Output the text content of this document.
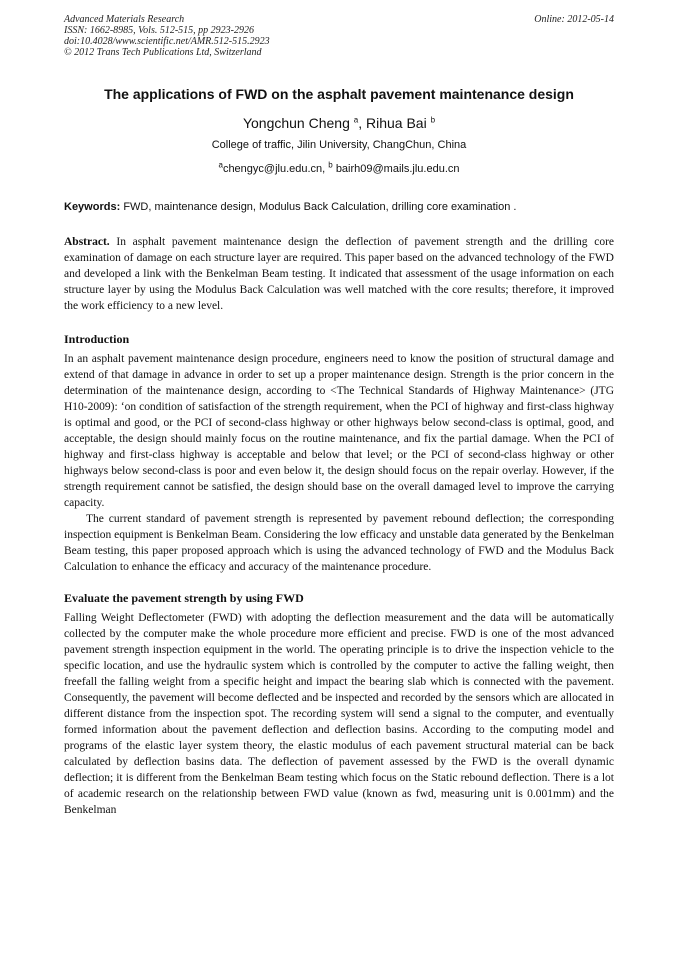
Advanced Materials Research
ISSN: 1662-8985, Vols. 512-515, pp 2923-2926
doi:10.4028/www.scientific.net/AMR.512-515.2923
© 2012 Trans Tech Publications Ltd, Switzerland
Online: 2012-05-14
The applications of FWD on the asphalt pavement maintenance design
Yongchun Cheng $^a$, Rihua Bai $^b$
College of traffic, Jilin University, ChangChun, China
$^a$chengyc@jlu.edu.cn, $^b$ bairh09@mails.jlu.edu.cn
Keywords: FWD, maintenance design, Modulus Back Calculation, drilling core examination .

Abstract. In asphalt pavement maintenance design the deflection of pavement strength and the drilling core examination of damage on each structure layer are required. This paper based on the advanced technology of the FWD and developed a link with the Benkelman Beam testing. It indicated that assessment of the usage information on each structure layer by using the Modulus Back Calculation was well matched with the core results; therefore, it improved the work efficiency to a new level.

Introduction

In an asphalt pavement maintenance design procedure, engineers need to know the position of structural damage and extend of that damage in advance in order to set up a proper maintenance design. Strength is the prior concern in the determination of the maintenance design, according to <The Technical Standards of Highway Maintenance> (JTG H10-2009): ‘on condition of satisfaction of the strength requirement, when the PCI of highway and first-class highway is optimal and good, or the PCI of second-class highway or other highways below second-class is optimal, good, and acceptable, the design should mainly focus on the routine maintenance, and fix the partial damage. When the PCI of highway and first-class highway is acceptable and below that level; or the PCI of second-class highway or other highways below second-class is poor and even below it, the design should focus on the repair overlay. However, if the strength requirement cannot be satisfied, the design should base on the overall damaged level to improve the carrying capacity.

The current standard of pavement strength is represented by pavement rebound deflection; the corresponding inspection equipment is Benkelman Beam. Considering the low efficacy and unstable data generated by the Benkelman Beam testing, this paper proposed approach which is using the advanced technology of FWD and the Modulus Back Calculation to enhance the efficacy and accuracy of the maintenance procedure.

Evaluate the pavement strength by using FWD

Falling Weight Deflectometer (FWD) with adopting the deflection measurement and the data will be automatically collected by the computer make the whole procedure more efficient and precise. FWD is one of the most advanced pavement strength inspection equipment in the world. The operating principle is to drive the inspection vehicle to the specific location, and use the hydraulic system which is controlled by the computer to active the falling weight, then freefall the falling weight from a specific height and impact the bearing slab which is connected with the pavement. Consequently, the pavement will become deflected and be inspected and recorded by the sensors which are allocated in different distance from the inspection spot. The recording system will send a signal to the computer, and eventually formed information about the pavement deflection and deflection basins. According to the computing model and programs of the elastic layer system theory, the elastic modulus of each pavement structural material can be back calculated by deflection basins data. The deflection of pavement assessed by the FWD is the overall dynamic deflection; it is different from the Benkelman Beam testing which focus on the Static rebound deflection. There is a lot of academic research on the relationship between FWD value (known as fwd, measuring unit is 0.001mm) and the Benkelman
